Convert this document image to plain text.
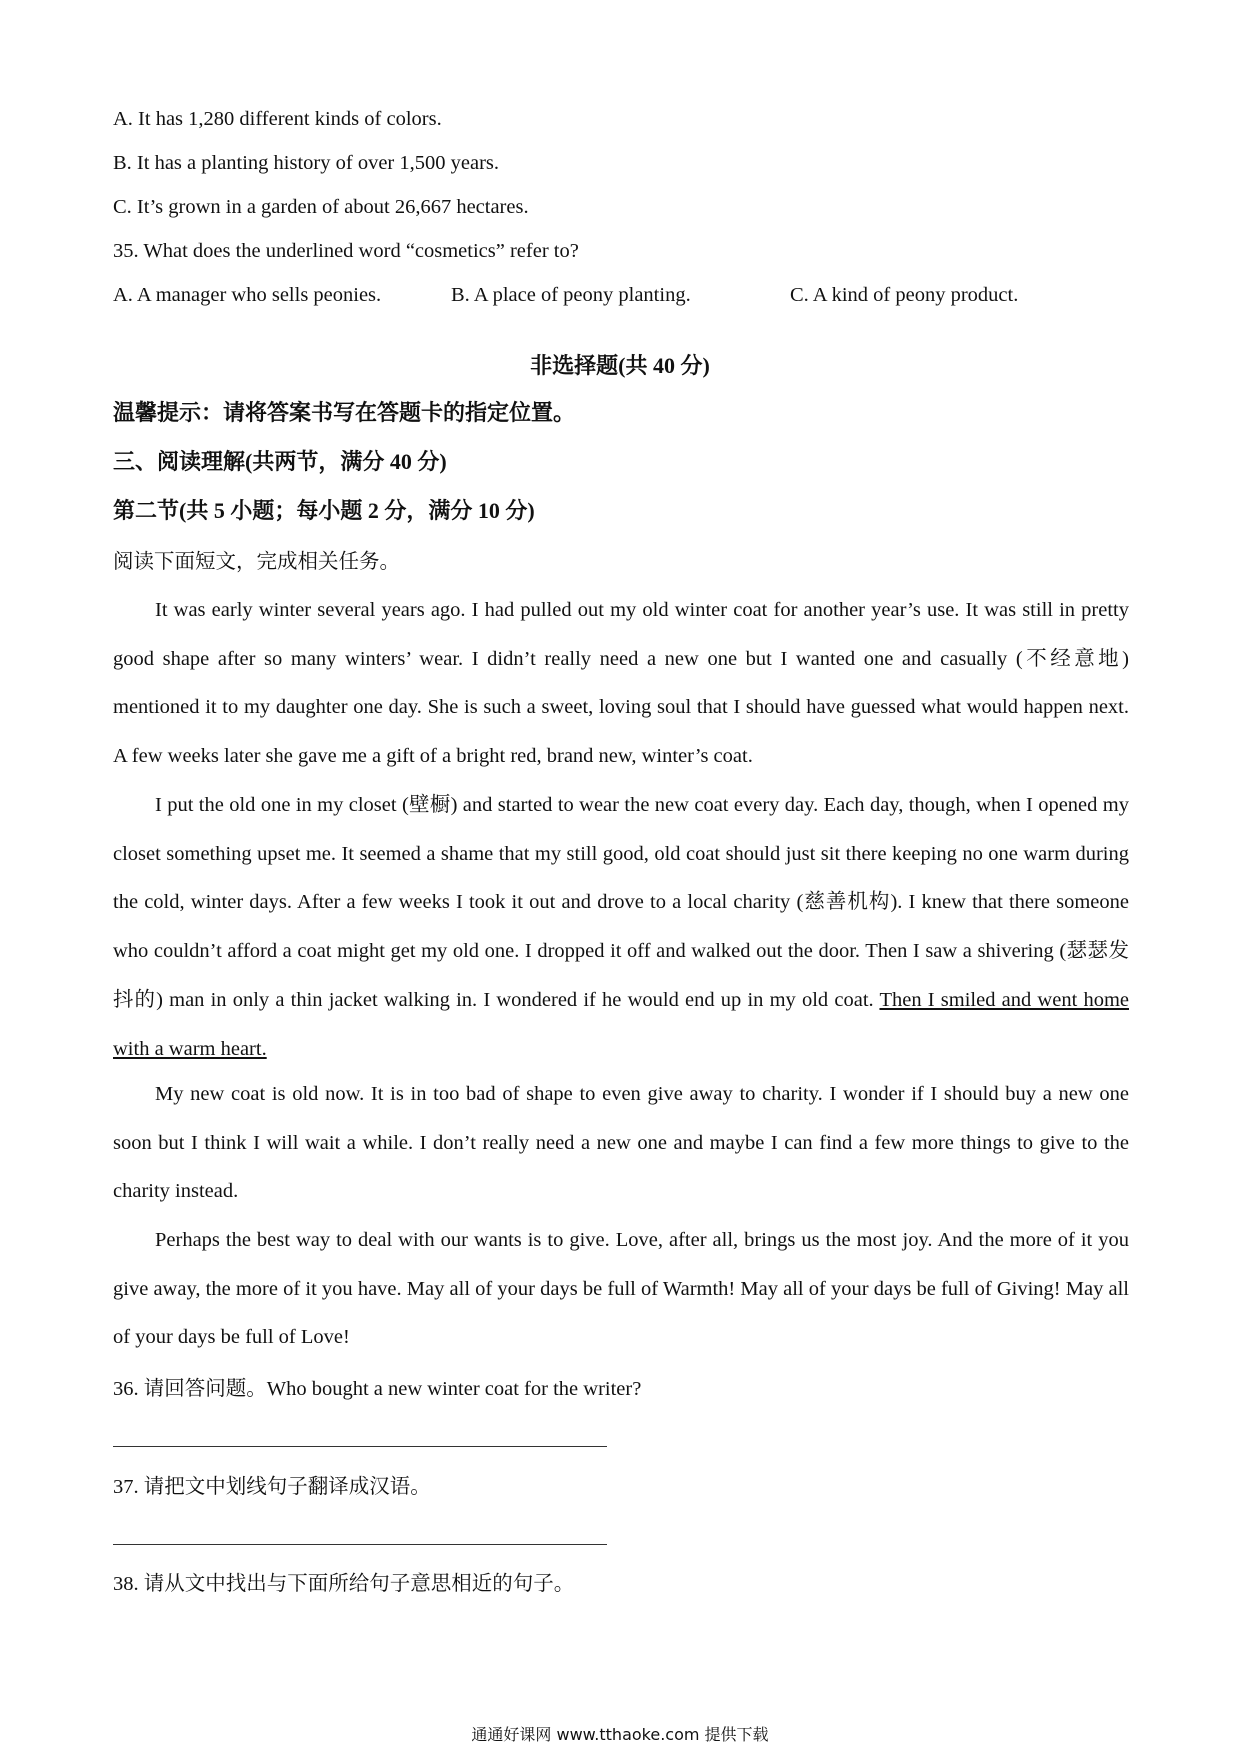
A. It has 1,280 different kinds of colors.
B. It has a planting history of over 1,500 years.
C. It’s grown in a garden of about 26,667 hectares.
35. What does the underlined word “cosmetics” refer to?
A. A manager who sells peonies.	B. A place of peony planting.	C. A kind of peony product.
非选择题(共 40 分)
温馨提示：请将答案书写在答题卡的指定位置。
三、阅读理解(共两节，满分 40 分)
第二节(共 5 小题；每小题 2 分，满分 10 分)
阅读下面短文，完成相关任务。

It was early winter several years ago. I had pulled out my old winter coat for another year’s use. It was still in pretty good shape after so many winters’ wear. I didn’t really need a new one but I wanted one and casually (不经意地) mentioned it to my daughter one day. She is such a sweet, loving soul that I should have guessed what would happen next. A few weeks later she gave me a gift of a bright red, brand new, winter’s coat.

I put the old one in my closet (壁橱) and started to wear the new coat every day. Each day, though, when I opened my closet something upset me. It seemed a shame that my still good, old coat should just sit there keeping no one warm during the cold, winter days. After a few weeks I took it out and drove to a local charity (慈善机构). I knew that there someone who couldn’t afford a coat might get my old one. I dropped it off and walked out the door. Then I saw a shivering (瑟瑟发抖的) man in only a thin jacket walking in. I wondered if he would end up in my old coat. Then I smiled and went home with a warm heart.

My new coat is old now. It is in too bad of shape to even give away to charity. I wonder if I should buy a new one soon but I think I will wait a while. I don’t really need a new one and maybe I can find a few more things to give to the charity instead.

Perhaps the best way to deal with our wants is to give. Love, after all, brings us the most joy. And the more of it you give away, the more of it you have. May all of your days be full of Warmth! May all of your days be full of Giving! May all of your days be full of Love!

36. 请回答问题。Who bought a new winter coat for the writer?
37. 请把文中划线句子翻译成汉语。
38. 请从文中找出与下面所给句子意思相近的句子。
通通好课网 www.tthaoke.com 提供下载
